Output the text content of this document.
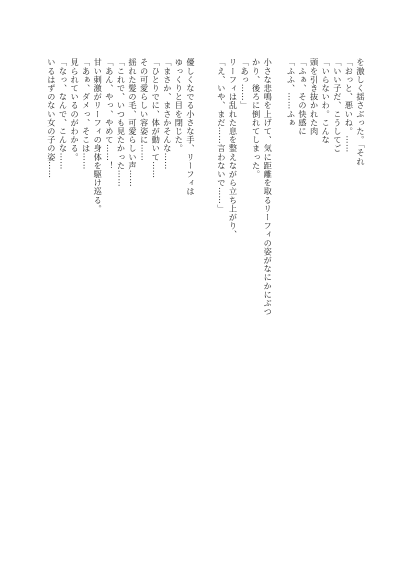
を激しく揺さぶった。「それ
「おっと、悪いね。……
「いい子だ、こうしてご
「いらないわ。こんな
頭を引き抜かれた肉
「ふぁ、その快感に
「ふふ、……ふぁ

小さな悲鳴を上げて、気に距離を取るリーフィの姿がなにかにぶつ
かり、後ろに倒れてしまった。
「あっ……」
リーフィは乱れた息を整えながら立ち上がり、
「え、いや、まだ……言わないで……」

優しくなでる小さな手、リーフィは
ゆっくりと目を閉じた。
「まさか、まさかそんな……
「ひとりでに、体が動いて……
その可愛らしい容姿に……
揺れた髪の毛、可愛らしい声……
「これで、いつも見たかった……
「あん、やっ、やめて……！
甘い刺激がリーフィの身体を駆け巡る。
「あぁ、ダメっ、そこは……
見られているのがわかる。
「なっ、なんで、こんな……
いるはずのない女の子の姿……
